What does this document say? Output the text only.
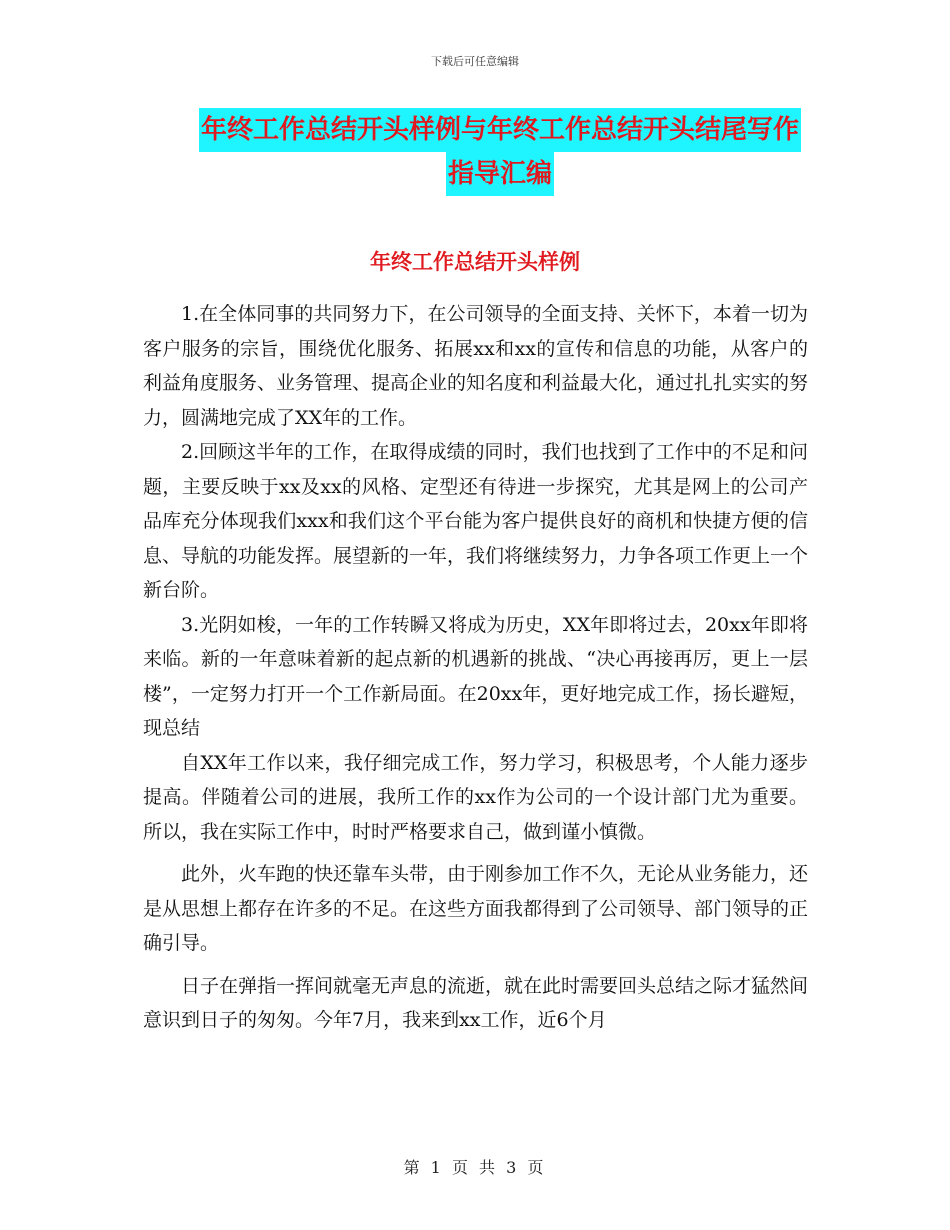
下载后可任意编辑
年终工作总结开头样例与年终工作总结开头结尾写作
指导汇编
年终工作总结开头样例

1.在全体同事的共同努力下，在公司领导的全面支持、关怀下，本着一切为客户服务的宗旨，围绕优化服务、拓展xx和xx的宣传和信息的功能，从客户的利益角度服务、业务管理、提高企业的知名度和利益最大化，通过扎扎实实的努力，圆满地完成了XX年的工作。

2.回顾这半年的工作，在取得成绩的同时，我们也找到了工作中的不足和问题，主要反映于xx及xx的风格、定型还有待进一步探究，尤其是网上的公司产品库充分体现我们xxx和我们这个平台能为客户提供良好的商机和快捷方便的信息、导航的功能发挥。展望新的一年，我们将继续努力，力争各项工作更上一个新台阶。

3.光阴如梭，一年的工作转瞬又将成为历史，XX年即将过去，20xx年即将来临。新的一年意味着新的起点新的机遇新的挑战、“决心再接再厉，更上一层楼”，一定努力打开一个工作新局面。在20xx年，更好地完成工作，扬长避短，现总结

自XX年工作以来，我仔细完成工作，努力学习，积极思考，个人能力逐步提高。伴随着公司的进展，我所工作的xx作为公司的一个设计部门尤为重要。所以，我在实际工作中，时时严格要求自己，做到谨小慎微。

此外，火车跑的快还靠车头带，由于刚参加工作不久，无论从业务能力，还是从思想上都存在许多的不足。在这些方面我都得到了公司领导、部门领导的正确引导。

日子在弹指一挥间就毫无声息的流逝，就在此时需要回头总结之际才猛然间意识到日子的匆匆。今年7月，我来到xx工作，近6个月

第 1 页 共 3 页
